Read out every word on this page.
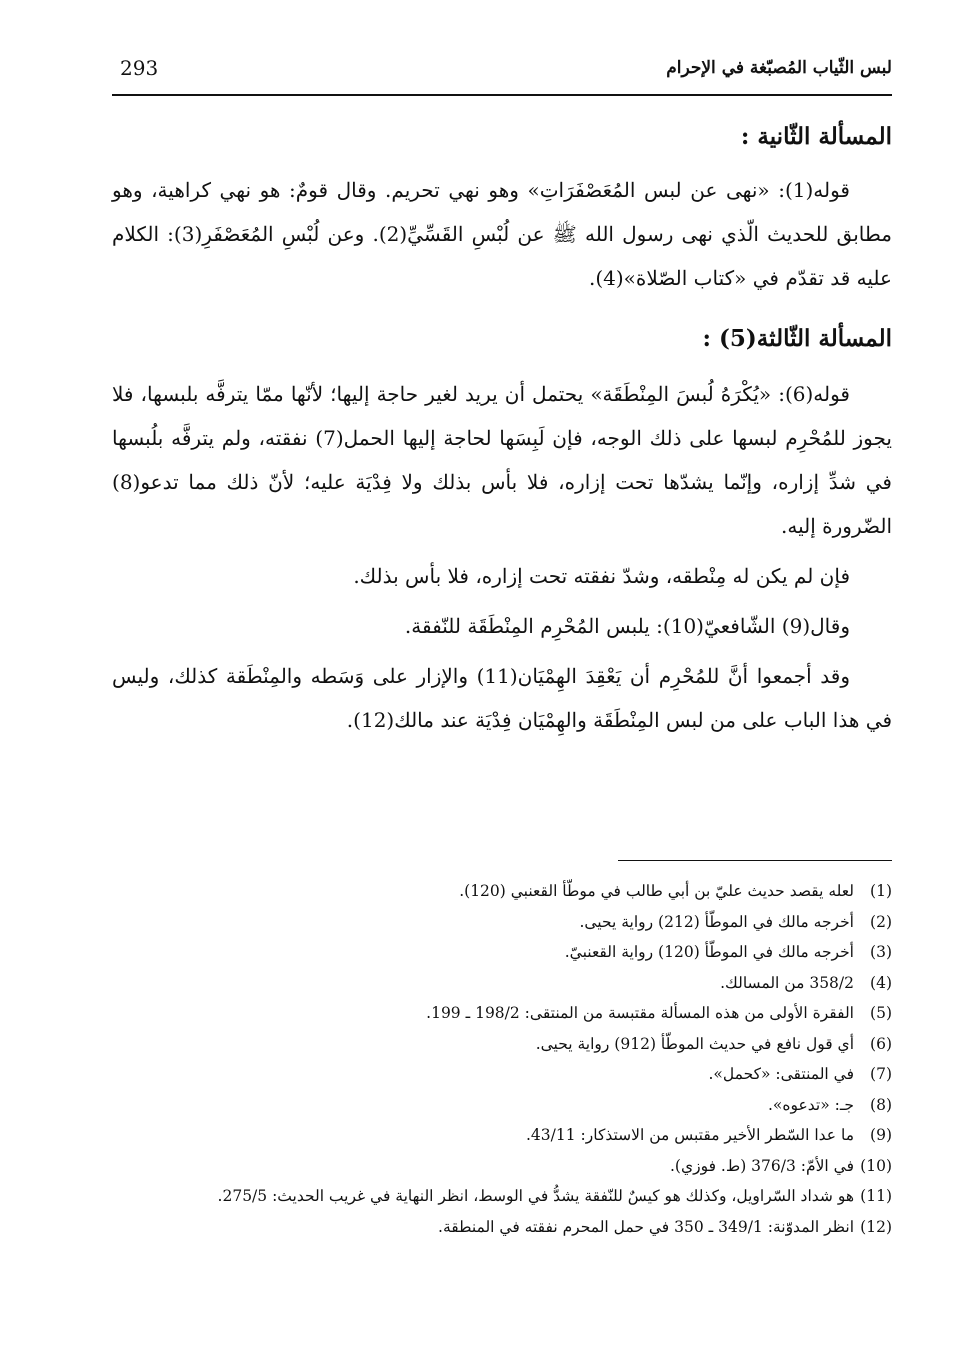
293	لبس الثّياب المُصبّغة في الإحرام
المسألة الثّانية :

قوله(1): «نهى عن لبس المُعَصْفَرَاتِ» وهو نهي تحريم. وقال قومٌ: هو نهي كراهية، وهو مطابق للحديث الّذي نهى رسول الله ﷺ عن لُبْسِ القَسِّيِّ(2). وعن لُبْسِ المُعَصْفَرِ(3): الكلام عليه قد تقدّم في «كتاب الصّلاة»(4).

المسألة الثّالثة(5) :

قوله(6): «يُكْرَهُ لُبسَ المِنْطَقَة» يحتمل أن يريد لغير حاجة إليها؛ لأنّها ممّا يترفَّه بلبسها، فلا يجوز للمُحْرِم لبسها على ذلك الوجه، فإن لَبِسَها لحاجة إليها الحمل(7) نفقته، ولم يترفَّه بلُبسها في شدِّ إزاره، وإنّما يشدّها تحت إزاره، فلا بأس بذلك ولا فِدْيَة عليه؛ لأنّ ذلك مما تدعو(8) الضّرورة إليه.

فإن لم يكن له مِنْطقه، وشدّ نفقته تحت إزاره، فلا بأس بذلك.

وقال(9) الشّافعيّ(10): يلبس المُحْرِم المِنْطَقَة للنّفقة.

وقد أجمعوا أنَّ للمُحْرِم أن يَعْقِدَ الهِمْيَان(11) والإزار على وَسَطه والمِنْطَقة كذلك، وليس في هذا الباب على من لبس المِنْطَقَة والهِمْيَان فِدْيَة عند مالك(12).

(1)لعله يقصد حديث عليّ بن أبي طالب في موطّأ القعنبي (120).
(2)أخرجه مالك في الموطّأ (212) رواية يحيى.
(3)أخرجه مالك في الموطّأ (120) رواية القعنبيّ.
(4)358/2 من المسالك.
(5)الفقرة الأولى من هذه المسألة مقتبسة من المنتقى: 198/2 ـ 199.
(6)أي قول نافع في حديث الموطّأ (912) رواية يحيى.
(7)في المنتقى: «كحمل».
(8)جـ: «تدعوه».
(9)ما عدا السّطر الأخير مقتبس من الاستذكار: 43/11.
(10)في الأمّ: 376/3 (ط. فوزي).
(11)هو شداد السّراويل، وكذلك هو كيسٌ للنّفقة يشدُّ في الوسط، انظر النهاية في غريب الحديث: 275/5.
(12)انظر المدوّنة: 349/1 ـ 350 في حمل المحرم نفقته في المنطقة.
